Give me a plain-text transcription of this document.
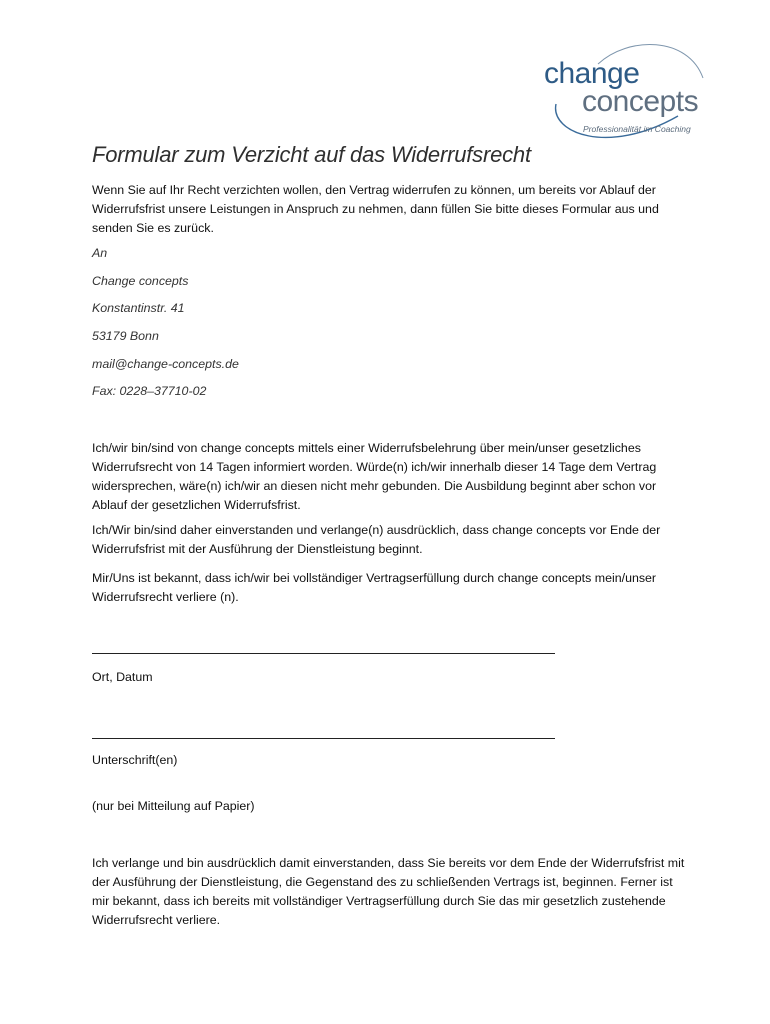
change
concepts
Professionalität im Coaching
Formular zum Verzicht auf das Widerrufsrecht

Wenn Sie auf Ihr Recht verzichten wollen, den Vertrag widerrufen zu können, um bereits vor Ablauf der Widerrufsfrist unsere Leistungen in Anspruch zu nehmen, dann füllen Sie bitte dieses Formular aus und senden Sie es zurück.

An

Change concepts

Konstantinstr. 41

53179 Bonn

mail@change-concepts.de

Fax: 0228–37710-02

Ich/wir bin/sind von change concepts mittels einer Widerrufsbelehrung über mein/unser gesetzliches Widerrufsrecht von 14 Tagen informiert worden. Würde(n) ich/wir innerhalb dieser 14 Tage dem Vertrag widersprechen, wäre(n) ich/wir an diesen nicht mehr gebunden. Die Ausbildung beginnt aber schon vor Ablauf der gesetzlichen Widerrufsfrist.

Ich/Wir bin/sind daher einverstanden und verlange(n) ausdrücklich, dass change concepts vor Ende der Widerrufsfrist mit der Ausführung der Dienstleistung beginnt.

Mir/Uns ist bekannt, dass ich/wir bei vollständiger Vertragserfüllung durch change concepts mein/unser Widerrufsrecht verliere (n).

Ort, Datum

Unterschrift(en)

(nur bei Mitteilung auf Papier)

Ich verlange und bin ausdrücklich damit einverstanden, dass Sie bereits vor dem Ende der Widerrufsfrist mit der Ausführung der Dienstleistung, die Gegenstand des zu schließenden Vertrags ist, beginnen. Ferner ist mir bekannt, dass ich bereits mit vollständiger Vertragserfüllung durch Sie das mir gesetzlich zustehende Widerrufsrecht verliere.
